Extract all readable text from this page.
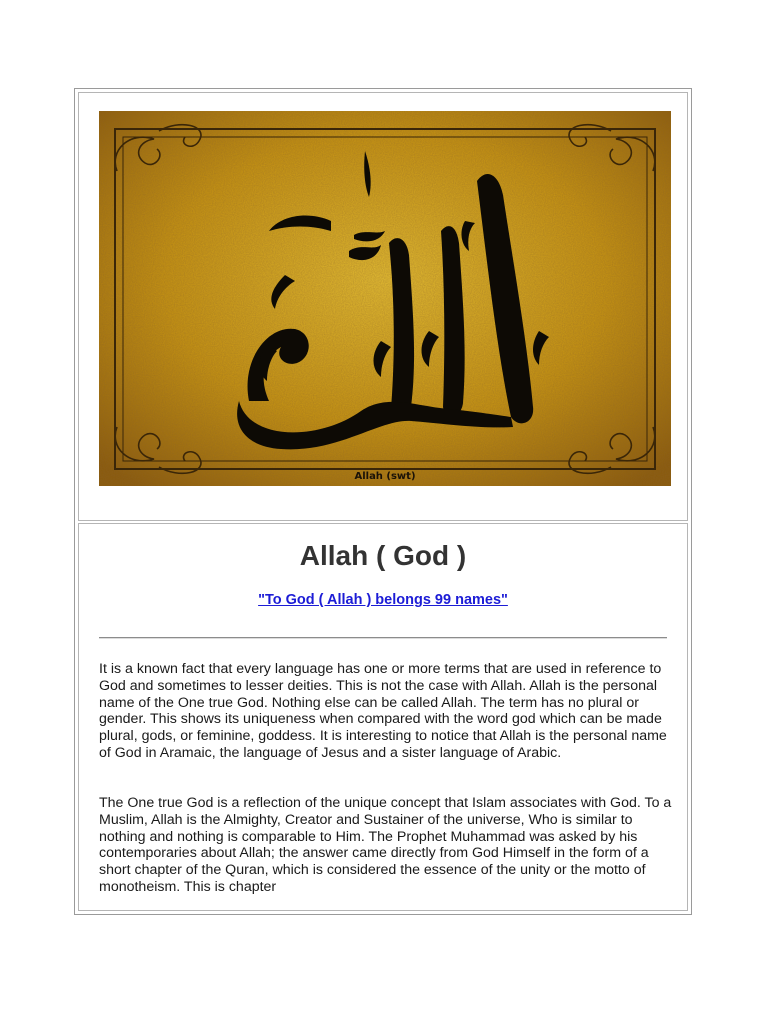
Allah (swt)
Allah ( God )
"To God ( Allah ) belongs 99 names"

It is a known fact that every language has one or more terms that are used in reference to God and sometimes to lesser deities. This is not the case with Allah. Allah is the personal name of the One true God. Nothing else can be called Allah. The term has no plural or gender. This shows its uniqueness when compared with the word god which can be made plural, gods, or feminine, goddess. It is interesting to notice that Allah is the personal name of God in Aramaic, the language of Jesus and a sister language of Arabic.

The One true God is a reflection of the unique concept that Islam associates with God. To a Muslim, Allah is the Almighty, Creator and Sustainer of the universe, Who is similar to nothing and nothing is comparable to Him. The Prophet Muhammad was asked by his contemporaries about Allah; the answer came directly from God Himself in the form of a short chapter of the Quran, which is considered the essence of the unity or the motto of monotheism. This is chapter
